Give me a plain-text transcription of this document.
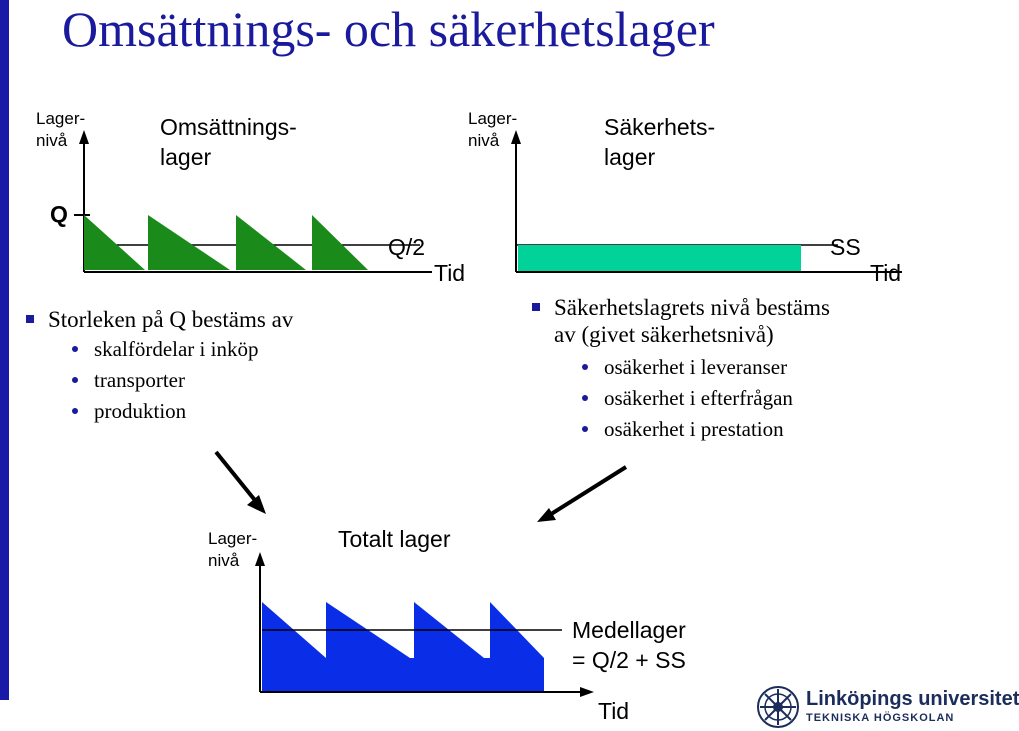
Omsättnings- och säkerhetslager
Lager-
nivå
Omsättnings-
lager
Q
Q/2
Tid
Storleken på Q bestäms av
skalfördelar i inköp
transporter
produktion
Lager-
nivå
Säkerhets-
lager
SS
Tid
Säkerhetslagrets nivå bestäms
av (givet säkerhetsnivå)
osäkerhet i leveranser
osäkerhet i efterfrågan
osäkerhet i prestation
Lager-
nivå
Totalt lager
Medellager
= Q/2 + SS
Tid	Linköpings universitet
TEKNISKA HÖGSKOLAN
